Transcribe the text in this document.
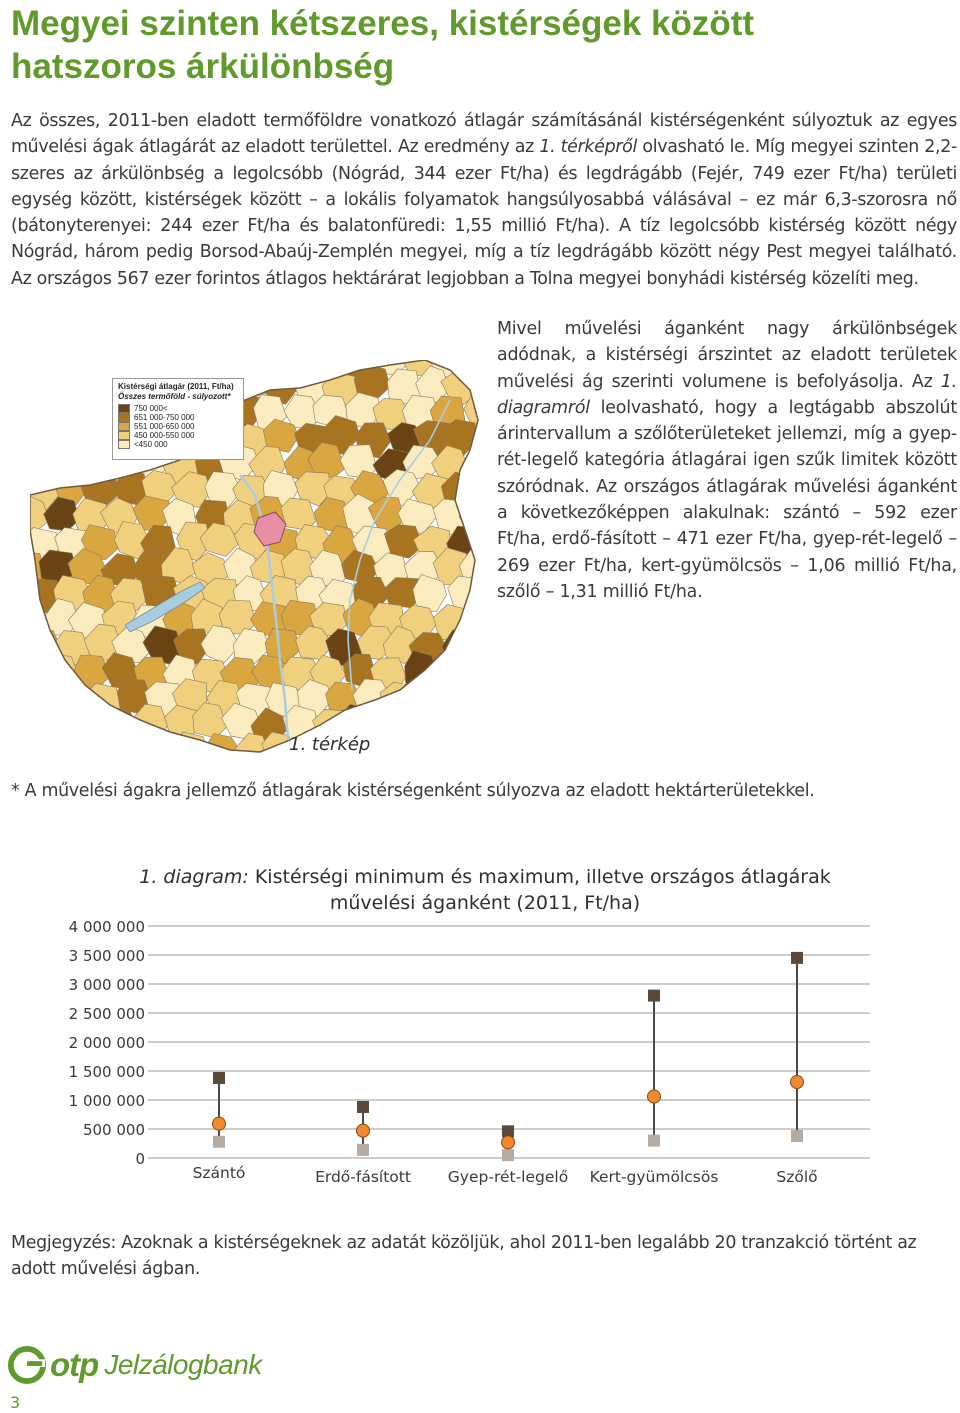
Megyei szinten kétszeres, kistérségek között hatszoros árkülönbség

Az összes, 2011-ben eladott termőföldre vonatkozó átlagár számításánál kistérségenként súlyoztuk az egyes művelési ágak átlagárát az eladott területtel. Az eredmény az 1. térképről olvasható le. Míg megyei szinten 2,2-szeres az árkülönbség a legolcsóbb (Nógrád, 344 ezer Ft/ha) és legdrágább (Fejér, 749 ezer Ft/ha) területi egység között, kistérségek között – a lokális folyamatok hangsúlyosabbá válásával – ez már 6,3-szorosra nő (bátonyterenyei: 244 ezer Ft/ha és balatonfüredi: 1,55 millió Ft/ha). A tíz legolcsóbb kistérség között négy Nógrád, három pedig Borsod-Abaúj-Zemplén megyei, míg a tíz legdrágább között négy Pest megyei található. Az országos 567 ezer forintos átlagos hektárárat legjobban a Tolna megyei bonyhádi kistérség közelíti meg.

Kistérségi átlagár (2011, Ft/ha)
Összes termőföld - súlyozott*
750 000<
651 000-750 000
551 000-650 000
450 000-550 000
<450 000
1. térkép

Mivel művelési áganként nagy árkülönbségek adódnak, a kistérségi árszintet az eladott területek művelési ág szerinti volumene is befolyásolja. Az 1. diagramról leolvasható, hogy a legtágabb abszolút árintervallum a szőlőterületeket jellemzi, míg a gyep-rét-legelő kategória átlagárai igen szűk limitek között szóródnak. Az országos átlagárak művelési áganként a következőképpen alakulnak: szántó – 592 ezer Ft/ha, erdő-fásított – 471 ezer Ft/ha, gyep-rét-legelő – 269 ezer Ft/ha, kert-gyümölcsös – 1,06 millió Ft/ha, szőlő – 1,31 millió Ft/ha.

* A művelési ágakra jellemző átlagárak kistérségenként súlyozva az eladott hektárterületekkel.

1. diagram: Kistérségi minimum és maximum, illetve országos átlagárak
művelési áganként (2011, Ft/ha)
0
500 000
1 000 000
1 500 000
2 000 000
2 500 000
3 000 000
3 500 000
4 000 000
Szántó	Erdő-fásított Gyep-rét-legelő Kert-gyümölcsös	Szőlő

Megjegyzés: Azoknak a kistérségeknek az adatát közöljük, ahol 2011-ben legalább 20 tranzakció történt az adott művelési ágban.

otp Jelzálogbank
3
